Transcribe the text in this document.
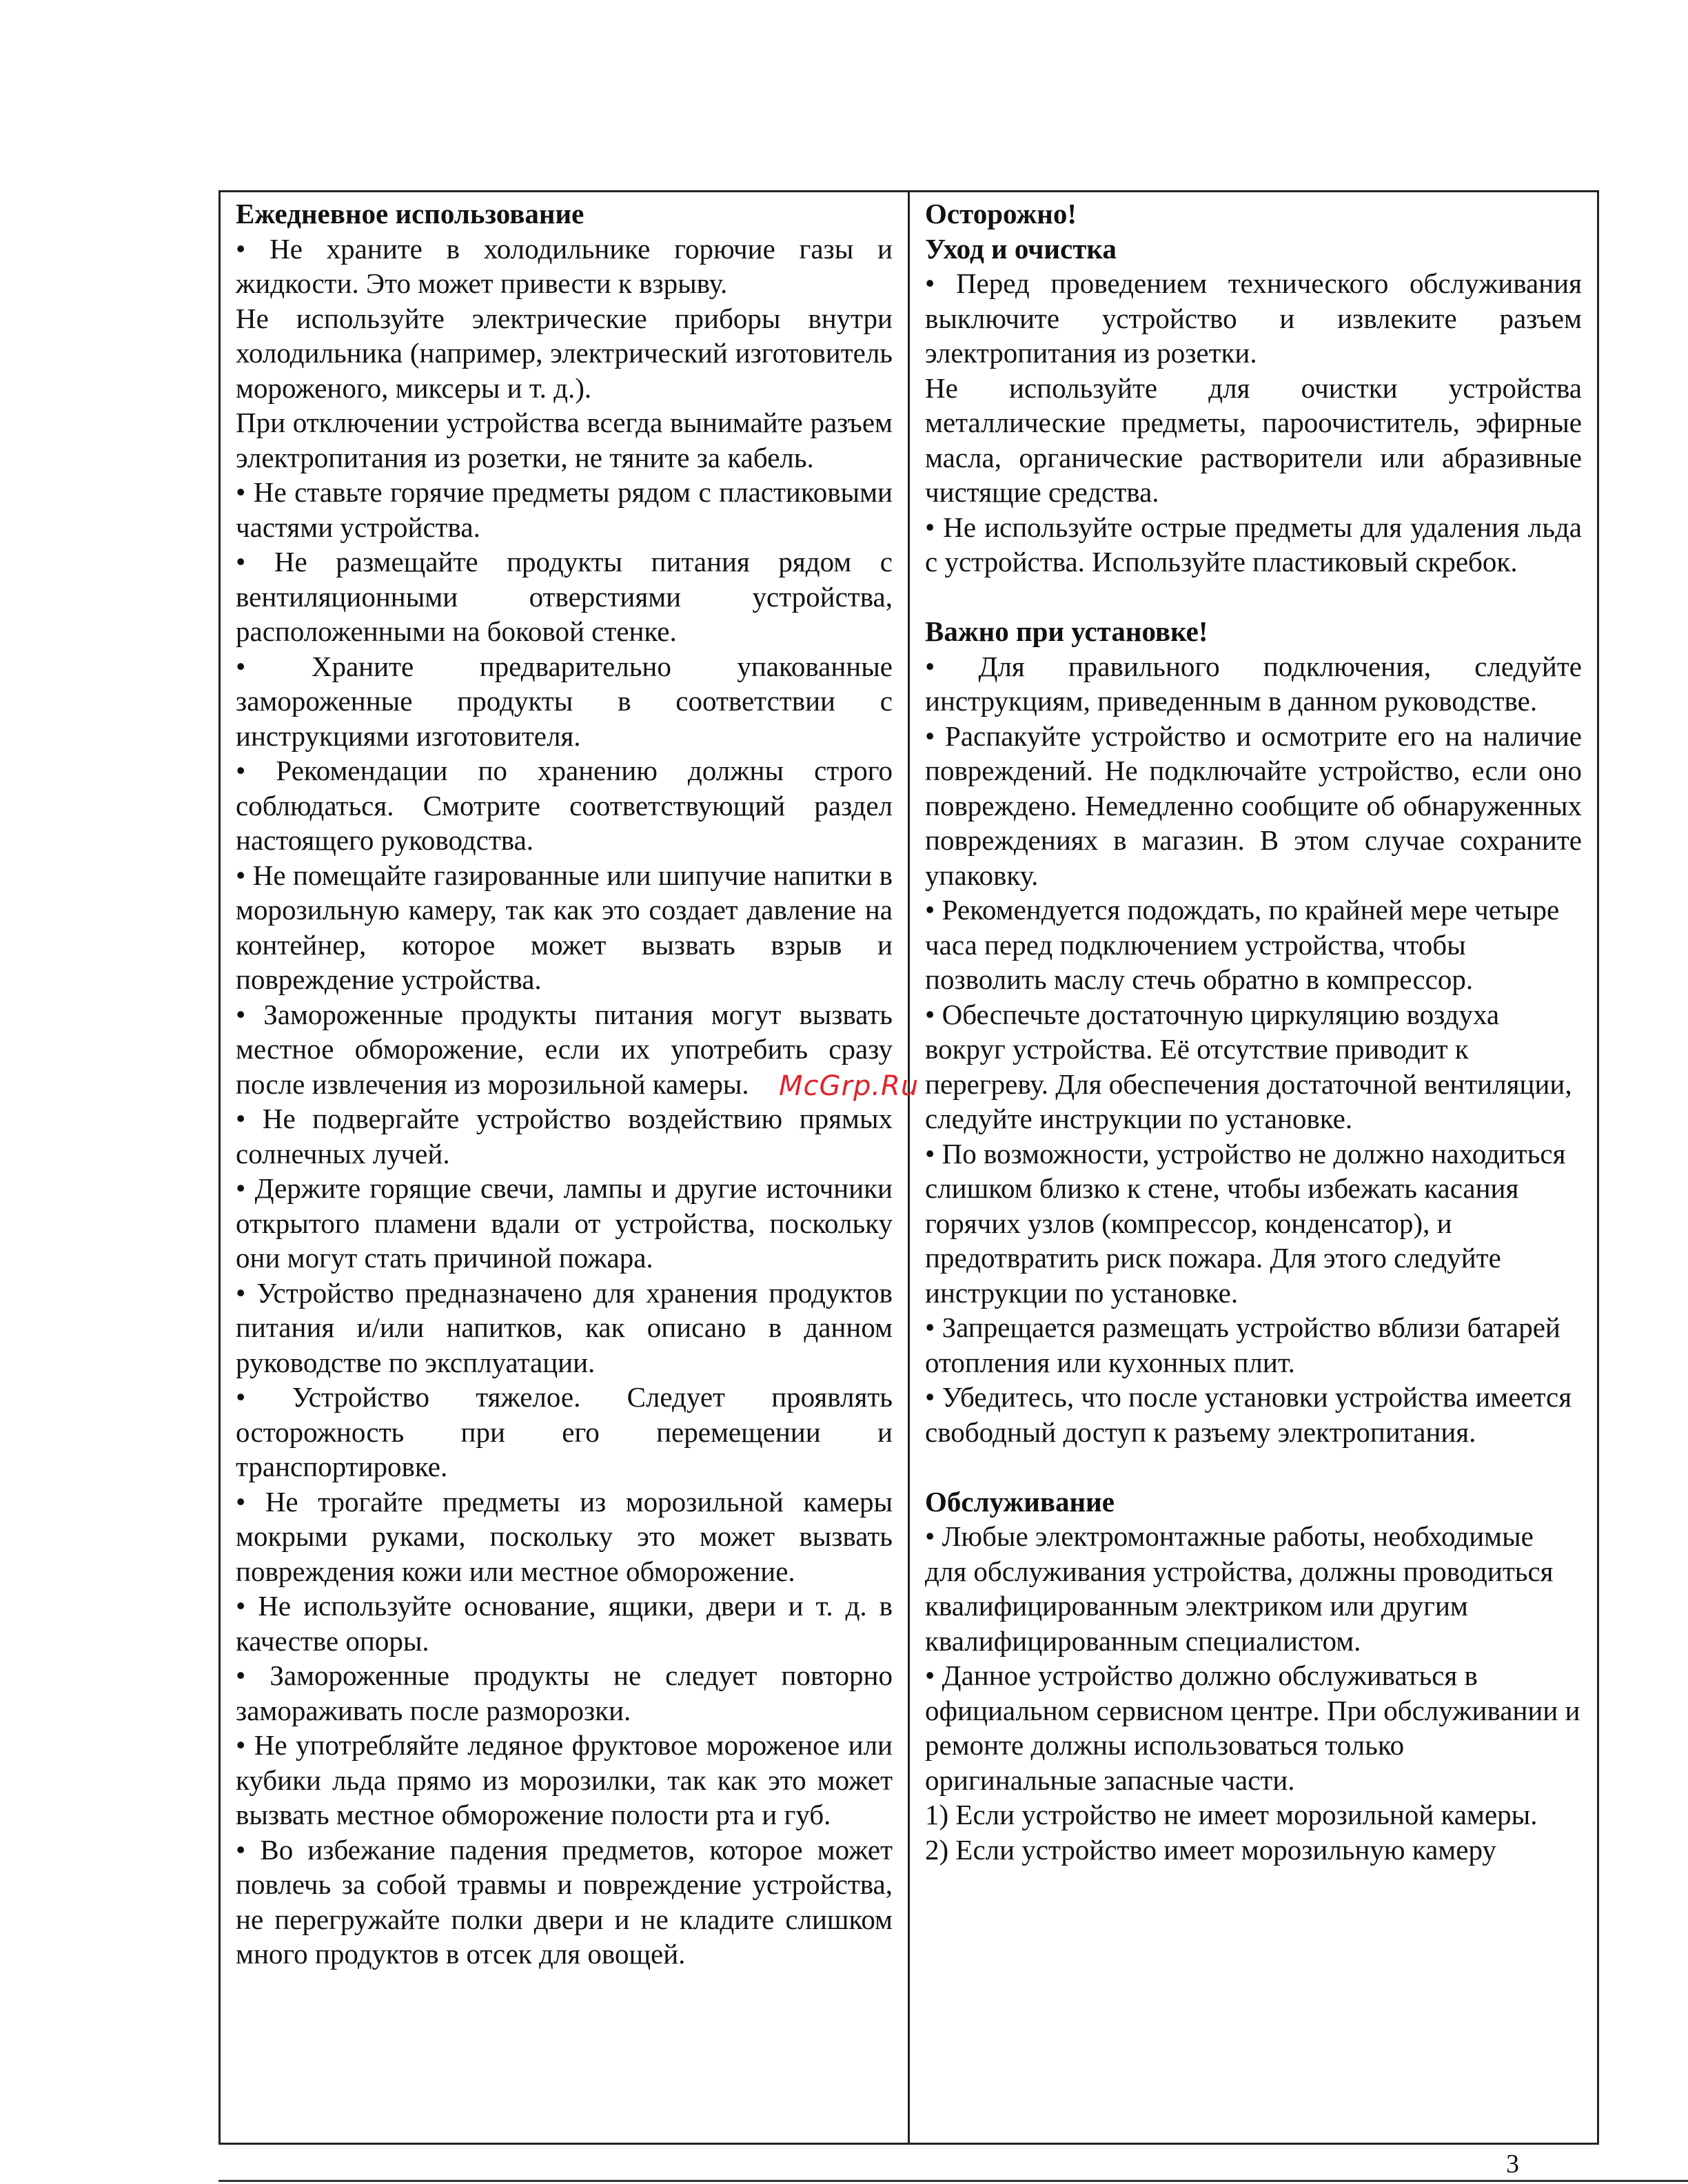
Ежедневное использование

• Не храните в холодильнике горючие газы и жидкости. Это может привести к взрыву.

Не используйте электрические приборы внутри холодильника (например, электрический изготовитель мороженого, миксеры и т. д.).

При отключении устройства всегда вынимайте разъем электропитания из розетки, не тяните за кабель.

• Не ставьте горячие предметы рядом с пластиковыми частями устройства.

• Не размещайте продукты питания рядом с вентиляционными отверстиями устройства, расположенными на боковой стенке.

• Храните предварительно упакованные замороженные продукты в соответствии с инструкциями изготовителя.

• Рекомендации по хранению должны строго соблюдаться. Смотрите соответствующий раздел настоящего руководства.

• Не помещайте газированные или шипучие напитки в морозильную камеру, так как это создает давление на контейнер, которое может вызвать взрыв и повреждение устройства.

• Замороженные продукты питания могут вызвать местное обморожение, если их употребить сразу после извлечения из морозильной камеры.

• Не подвергайте устройство воздействию прямых солнечных лучей.

• Держите горящие свечи, лампы и другие источники открытого пламени вдали от устройства, поскольку они могут стать причиной пожара.

• Устройство предназначено для хранения продуктов питания и/или напитков, как описано в данном руководстве по эксплуатации.

• Устройство тяжелое. Следует проявлять осторожность при его перемещении и транспортировке.

• Не трогайте предметы из морозильной камеры мокрыми руками, поскольку это может вызвать повреждения кожи или местное обморожение.

• Не используйте основание, ящики, двери и т. д. в качестве опоры.

• Замороженные продукты не следует повторно замораживать после разморозки.

• Не употребляйте ледяное фруктовое мороженое или кубики льда прямо из морозилки, так как это может вызвать местное обморожение полости рта и губ.

• Во избежание падения предметов, которое может повлечь за собой травмы и повреждение устройства, не перегружайте полки двери и не кладите слишком много продуктов в отсек для овощей.

Осторожно!

Уход и очистка

• Перед проведением технического обслуживания выключите устройство и извлеките разъем электропитания из розетки.

Не используйте для очистки устройства металлические предметы, пароочиститель, эфирные масла, органические растворители или абразивные чистящие средства.

• Не используйте острые предметы для удаления льда с устройства. Используйте пластиковый скребок.

Важно при установке!

• Для правильного подключения, следуйте инструкциям, приведенным в данном руководстве.

• Распакуйте устройство и осмотрите его на наличие повреждений. Не подключайте устройство, если оно повреждено. Немедленно сообщите об обнаруженных повреждениях в магазин. В этом случае сохраните упаковку.

• Рекомендуется подождать, по крайней мере четыре часа перед подключением устройства, чтобы позволить маслу стечь обратно в компрессор.

• Обеспечьте достаточную циркуляцию воздуха вокруг устройства. Её отсутствие приводит к перегреву. Для обеспечения достаточной вентиляции, следуйте инструкции по установке.

• По возможности, устройство не должно находиться слишком близко к стене, чтобы избежать касания горячих узлов (компрессор, конденсатор), и предотвратить риск пожара. Для этого следуйте инструкции по установке.

• Запрещается размещать устройство вблизи батарей отопления или кухонных плит.

• Убедитесь, что после установки устройства имеется свободный доступ к разъему электропитания.

Обслуживание

• Любые электромонтажные работы, необходимые для обслуживания устройства, должны проводиться квалифицированным электриком или другим квалифицированным специалистом.

• Данное устройство должно обслуживаться в официальном сервисном центре. При обслуживании и ремонте должны использоваться только оригинальные запасные части.

1) Если устройство не имеет морозильной камеры.

2) Если устройство имеет морозильную камеру

McGrp.Ru
3
